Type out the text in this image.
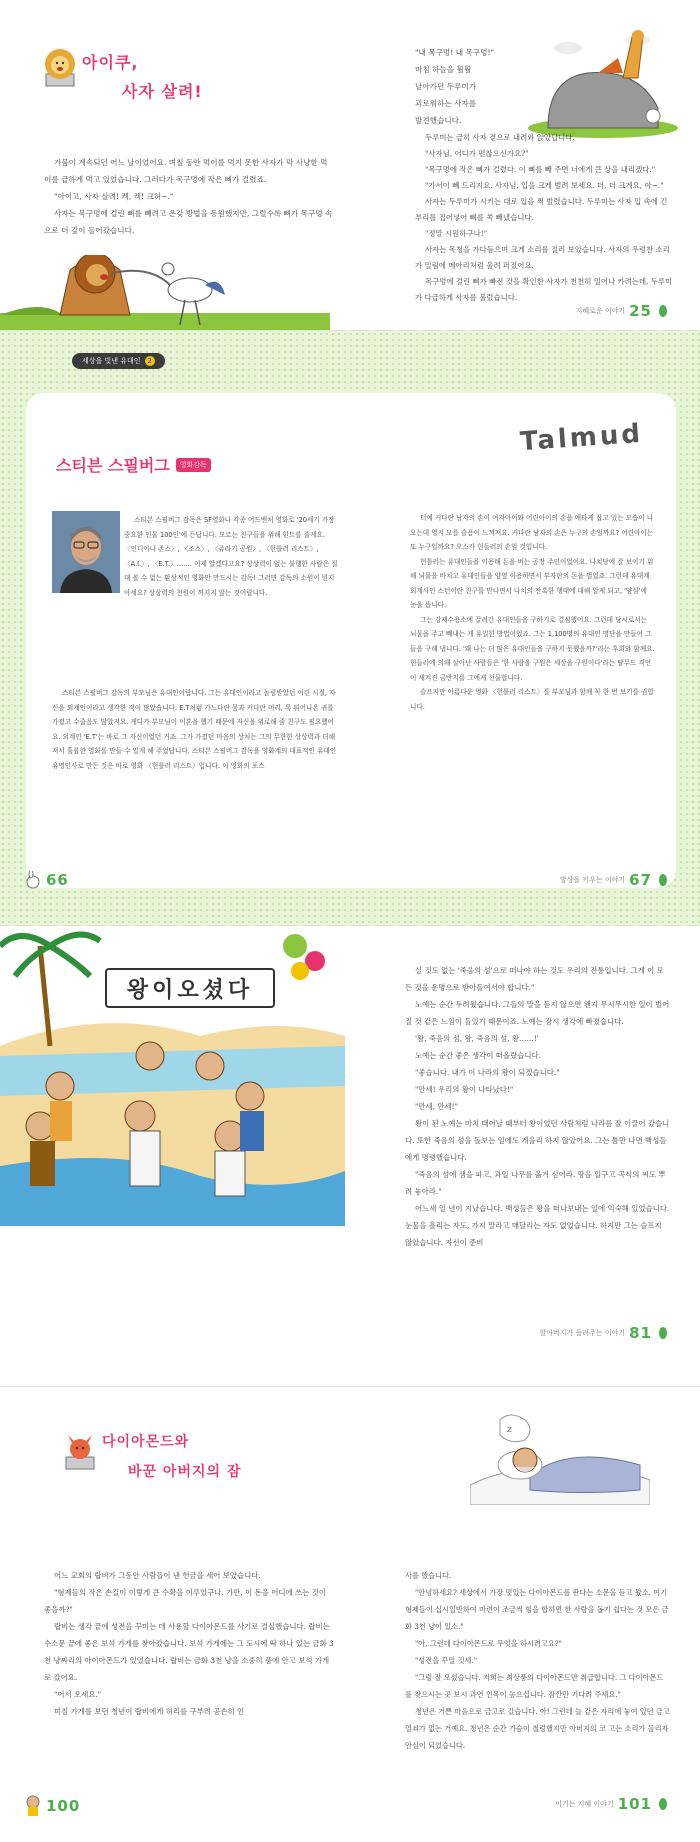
아이쿠,
사자 살려!

가뭄이 계속되던 어느 날이었어요. 며칠 동안 먹이를 먹지 못한 사자가 막 사냥한 먹이를 급하게 먹고 있었습니다. 그러다가 목구멍에 작은 뼈가 걸렸죠.

"아이고, 사자 살려! 켁, 켁! 크허~."

사자는 목구멍에 걸린 뼈를 빼려고 온갖 방법을 동원했지만, 그럴수록 뼈가 목구멍 속으로 더 깊이 들어갔습니다.

"내 목구멍! 내 목구멍!"
마침 하늘을 훨훨
날아가던 두루미가
괴로워하는 사자를
발견했습니다.

두루미는 급히 사자 곁으로 내려와 앉았답니다.

"사자님, 어디가 편찮으신가요?"

"목구멍에 작은 뼈가 걸렸다. 이 뼈를 빼 주면 너에게 큰 상을 내리겠다."

"가서이 빼 드리지요. 사자님, 입을 크게 벌려 보세요. 더, 더 크게요, 아~."

사자는 두루미가 시키는 대로 입을 쩍 벌렸습니다. 두루미는 사자 입 속에 긴 부리를 집어넣어 뼈를 쏙 빼냈습니다.

"정말 시원하구나!"

사자는 목청을 가다듬으며 크게 소리를 질러 보았습니다. 사자의 우렁찬 소리가 밀림에 메아리처럼 울려 퍼졌어요.

목구멍에 걸린 뼈가 빠진 것을 확인한 사자가 천천히 일어나 카려는데, 두루미가 다급하게 사자를 불렀습니다.

지혜로운 이야기 25
세상을 빛낸 유대인 2
Talmud
스티븐 스필버그	영화감독

스티븐 스필버그 감독은 SF영화나 각종 어드벤처 영화로 '20세기 가장 중요한 인물 100인'에 든답니다. 모르는 친구들을 위해 힌트를 줄게요. 〈인디아나 존스〉, 〈조스〉, 〈쥬라기 공원〉, 〈헌틀러 리스트〉, 〈A.I.〉, 〈E.T.〉……. 이제 알겠다고요? 상상력이 없는 불행한 사람은 절대 볼 수 없는 환상적인 영화만 만드시는 감독! 그러면 감독의 소원이 뭔지 아세요? 상상력의 천원이 꺼지지 않는 것이랍니다.

스티븐 스필버그 감독의 부모님은 유대인이랍니다. 그는 유대인이라고 놀림받았던 어린 시절, 자신을 외계인이라고 생각한 적이 많았습니다. E.T처럼 가느다란 몸과 커다란 머리, 톡 튀어나온 귀를 가졌고 수줍음도 많았지요. 게다가 부모님이 이혼을 했기 때문에 자신을 위로해 줄 친구도 필요했어요. 외계인 'E.T'는 바로 그 자신이었던 거죠. 그가 가졌던 마음의 상처는 그의 무한한 상상력과 더해져서 훌륭한 영화를 만들 수 있게 해 주었답니다. 스티븐 스필버그 감독을 영화계의 대표적인 유대인 유명인사로 만든 것은 바로 영화 〈헌틀러 리스트〉입니다. 이 영화의 포스

터에 커다란 남자의 손이 여자아이와 어린아이의 손을 애타게 잡고 있는 모습이 나오는데 영지 모를 슬픔이 느껴져요. 커다란 남자의 손은 누구의 손일까요? 어린아이는 또 누구일까요? 오스카 헌들러의 손일 것입니다.

헌틀러는 유대인들을 이용해 돈을 버는 공장 주인이었어요. 나치당에 잘 보이기 위해 뇌물을 바치고 유대인들을 양옆 이용하면서 부자판의 돈을 벌었죠. 그런데 유대계 회계사인 스턴이란 친구를 만나면서 나치의 잔혹한 행태에 대해 알게 되고, '양심'에 눈을 뜹니다.

그는 강제수용소에 끌려간 유대인들을 구하기로 결심했어요. 그런데 당시로서는 뇌물을 주고 빼내는 게 유일한 방법이었죠. 그는 1,100명의 유대인 명단을 만들어 그들을 구해 냅니다. '왜 나는 더 많은 유대인들을 구하지 못했을까?'라는 후회와 함께요. 헌들러에 의해 살아난 사람들은 '한 사람을 구원은 세상을 구원이다'라는 탈무드 격언이 새겨진 금반지를 그에게 선물합니다.

슬프지만 아름다운 영화 〈헌틀러 리스트〉를 부모님과 함께 꼭 한 번 보기를 권합니다.

66	발상을 키우는 이야기 67
왕이오셨다

실 것도 없는 '죽음의 섬'으로 떠나야 하는 것도 우리의 전통입니다. 그게 이 모든 것을 운명으로 받아들여서야 합니다."

노예는 순간 두려웠습니다. 그들의 말을 듣지 않으면 왠지 무시무시한 일이 벌어질 것 같은 느낌이 들었기 때문이죠. 노예는 잠시 생각에 빠졌습니다.

'왕, 죽음의 섬, 왕, 죽음의 섬, 왕……!'

노예는 순간 좋은 생각이 떠올랐습니다.

"좋습니다. 내가 이 나라의 왕이 되겠습니다."

"만세! 우리의 왕이 나타났다!"

"만세, 만세!"

왕이 된 노예는 마치 태어날 때부터 왕이었던 사람처럼 나라를 잘 이끌어 갔습니다. 또한 죽음의 섬을 돌보는 일에도 게을리 하지 않았어요. 그는 틈만 나면 백성들에게 명령했습니다.

"죽음의 섬에 샘을 파고, 과일 나무를 옮겨 심어라. 땅을 일구고 곡식의 씨도 뿌려 놓아라."

어느새 일 년이 지났습니다. 백성들은 왕을 떠나보내는 일에 익숙해 있었습니다. 눈물을 흘리는 자도, 가지 말라고 매달리는 자도 없었습니다. 하지만 그는 슬프지 않았습니다. 자신이 준비

할아버지가 들려주는 이야기 81
다이아몬드와
바꾼 아버지의 잠

어느 교회의 랍비가 그동안 사람들이 낸 헌금을 세어 보았습니다.

"형제들의 작은 손길이 이렇게 큰 수확을 이루었구나. 가만, 이 돈을 어디에 쓰는 것이 좋을까?"

랍비는 생각 끝에 성전을 꾸미는 데 사용할 다이아몬드를 사기로 결심했습니다. 랍비는 수소문 끝에 좋은 보석 가게를 찾아갔습니다. 보석 가게에는 그 도시에 딱 하나 있는 금화 3천 냥짜리의 아이아몬드가 있었습니다. 랍비는 금화 3천 냥을 소중히 품에 안고 보석 가게로 갔어요.

"어서 오세요."

미칠 가게를 보던 청년이 랍비에게 허리를 구부려 공손히 인

z
사를 했습니다.

"안녕하세요? 세상에서 가장 멋있는 다이아몬드를 판다는 소문을 듣고 왔소. 여기 형제들이 십시일반하여 마련이 조금씩 힘을 합하면 한 사람을 돕기 쉽다는 것 모은 금화 3천 냥이 있소."

"아, 그런데 다이아몬드로 무엇을 하시려고요?"

"성전을 꾸밀 것세."

"그럼 잘 오셨습니다. 저희는 최상품의 다이아몬드만 취급합니다. 그 다이아몬드를 찾으시는 곳 보시 과연 인목이 높으십니다. 잠깐만 기다려 주세요."

청년은 거쁜 마음으로 금고로 갔습니다. 아! 그런데 늘 같은 자리에 놓여 있던 금고 열쇠가 없는 거예요. 청년은 순간 가슴이 철렁했지만 아버지의 코 고는 소리가 들리자 안심이 되었습니다.

100	이기는 지혜 이야기 101
